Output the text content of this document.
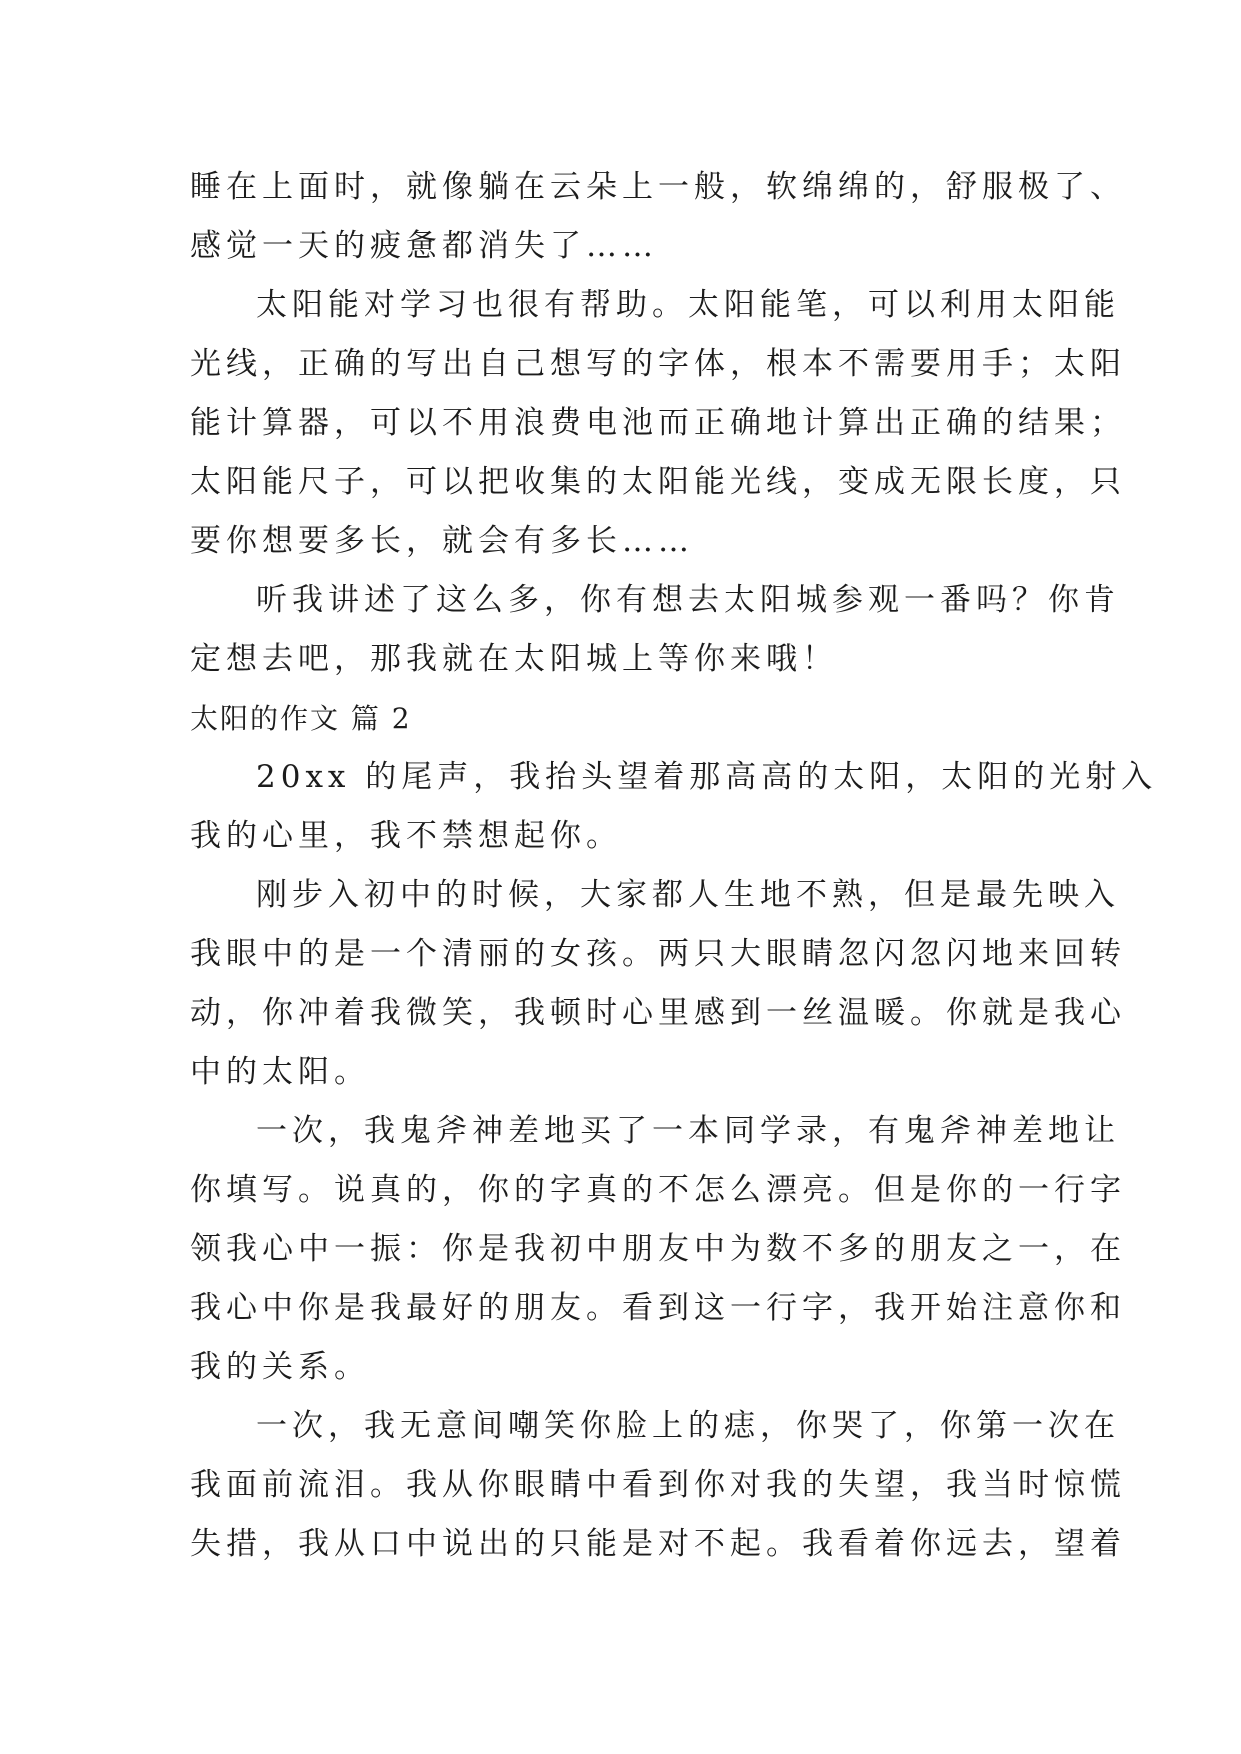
睡在上面时，就像躺在云朵上一般，软绵绵的，舒服极了、
感觉一天的疲惫都消失了……
太阳能对学习也很有帮助。太阳能笔，可以利用太阳能
光线，正确的写出自己想写的字体，根本不需要用手；太阳
能计算器，可以不用浪费电池而正确地计算出正确的结果；
太阳能尺子，可以把收集的太阳能光线，变成无限长度，只
要你想要多长，就会有多长……
听我讲述了这么多，你有想去太阳城参观一番吗？你肯
定想去吧，那我就在太阳城上等你来哦！
太阳的作文 篇 2
20xx 的尾声，我抬头望着那高高的太阳，太阳的光射入
我的心里，我不禁想起你。
刚步入初中的时候，大家都人生地不熟，但是最先映入
我眼中的是一个清丽的女孩。两只大眼睛忽闪忽闪地来回转
动，你冲着我微笑，我顿时心里感到一丝温暖。你就是我心
中的太阳。
一次，我鬼斧神差地买了一本同学录，有鬼斧神差地让
你填写。说真的，你的字真的不怎么漂亮。但是你的一行字
领我心中一振：你是我初中朋友中为数不多的朋友之一，在
我心中你是我最好的朋友。看到这一行字，我开始注意你和
我的关系。
一次，我无意间嘲笑你脸上的痣，你哭了，你第一次在
我面前流泪。我从你眼睛中看到你对我的失望，我当时惊慌
失措，我从口中说出的只能是对不起。我看着你远去，望着
